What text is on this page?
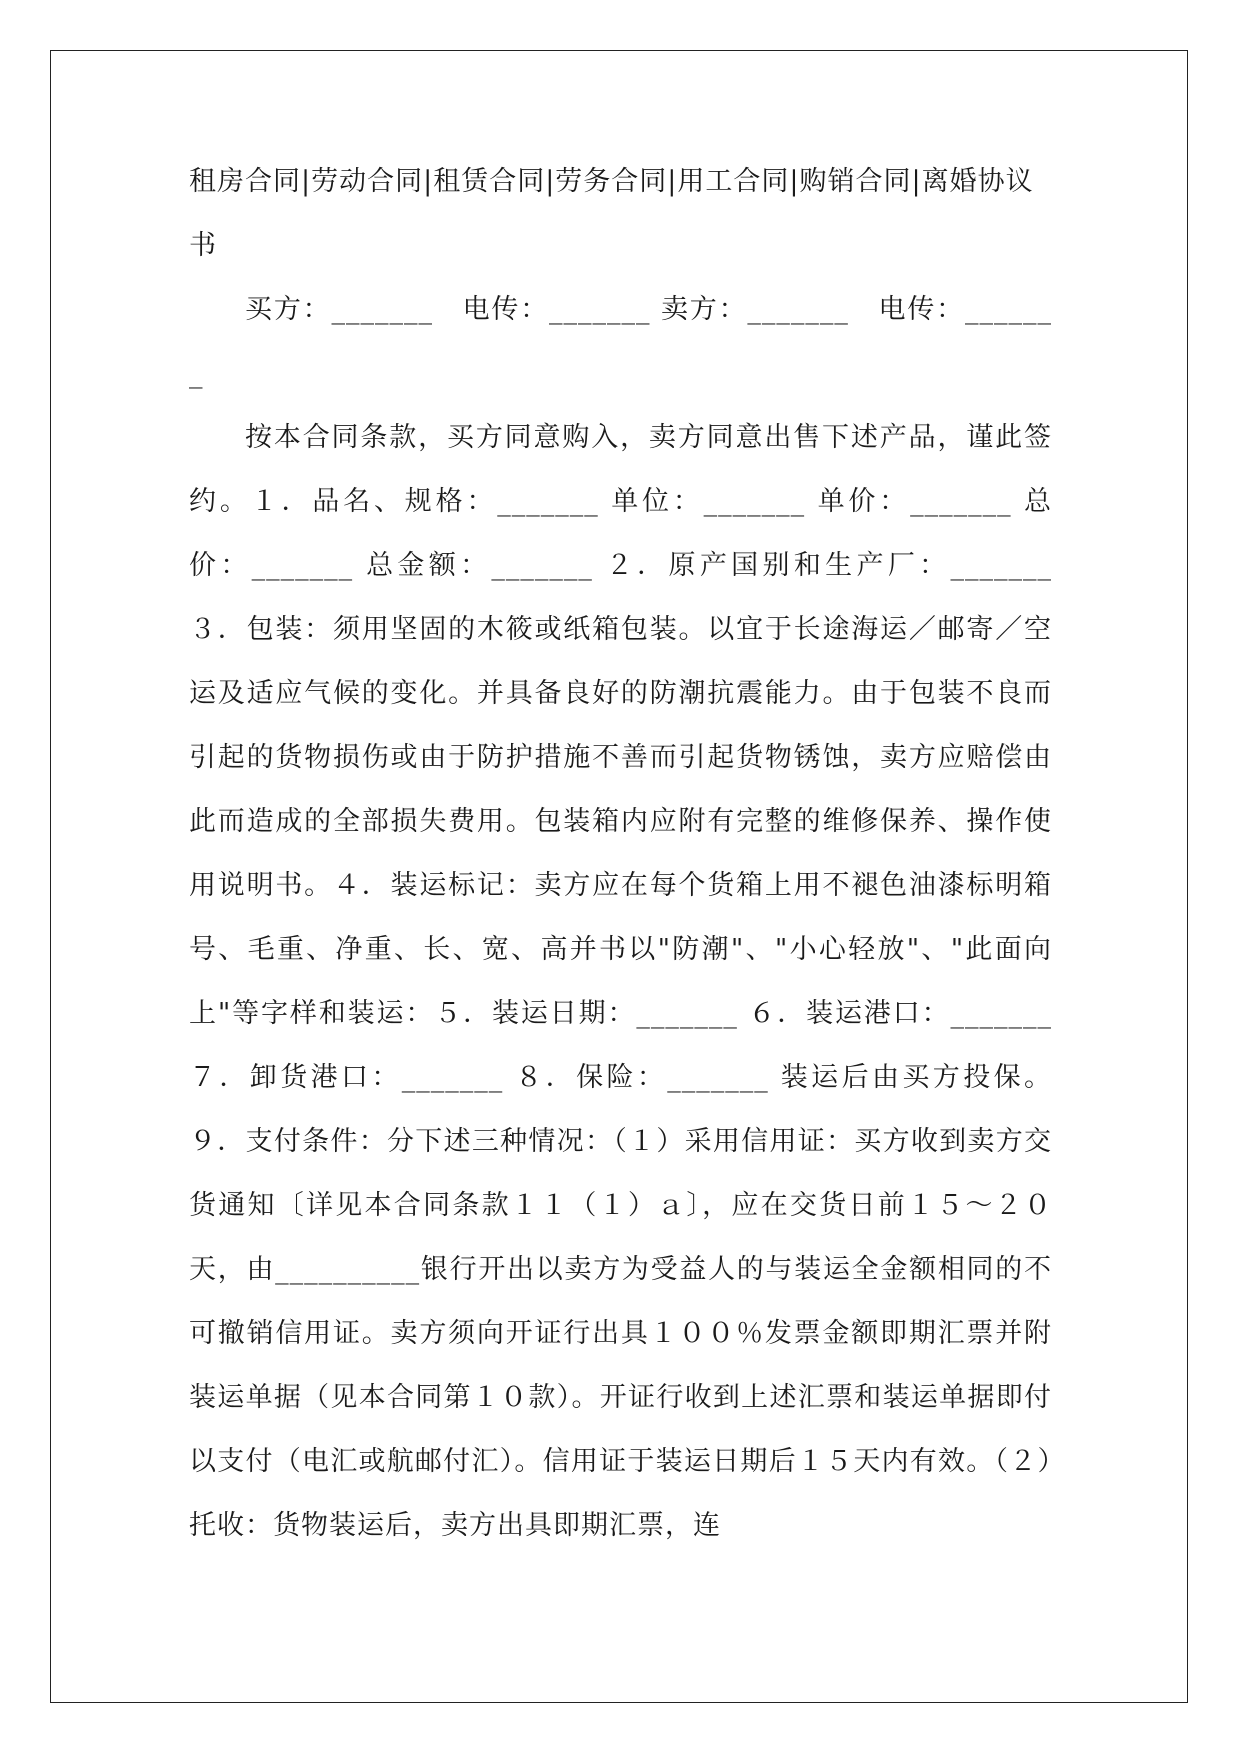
租房合同|劳动合同|租赁合同|劳务合同|用工合同|购销合同|离婚协议书

买方：_______　电传：_______ 卖方：_______　电传：_______

按本合同条款，买方同意购入，卖方同意出售下述产品，谨此签约。１．品名、规格：_______ 单位：_______ 单价：_______ 总价：_______ 总金额：_______ ２．原产国别和生产厂：_______ ３．包装：须用坚固的木筱或纸箱包装。以宜于长途海运／邮寄／空运及适应气候的变化。并具备良好的防潮抗震能力。由于包装不良而引起的货物损伤或由于防护措施不善而引起货物锈蚀，卖方应赔偿由此而造成的全部损失费用。包装箱内应附有完整的维修保养、操作使用说明书。４．装运标记：卖方应在每个货箱上用不褪色油漆标明箱号、毛重、净重、长、宽、高并书以"防潮"、"小心轻放"、"此面向上"等字样和装运：５．装运日期：_______ ６．装运港口：_______ ７．卸货港口：_______ ８．保险：_______ 装运后由买方投保。９．支付条件：分下述三种情况：（１）采用信用证：买方收到卖方交货通知〔详见本合同条款１１（１）ａ〕，应在交货日前１５～２０天，由__________银行开出以卖方为受益人的与装运全金额相同的不可撤销信用证。卖方须向开证行出具１００％发票金额即期汇票并附装运单据（见本合同第１０款）。开证行收到上述汇票和装运单据即付以支付（电汇或航邮付汇）。信用证于装运日期后１５天内有效。（２）托收：货物装运后，卖方出具即期汇票，连
